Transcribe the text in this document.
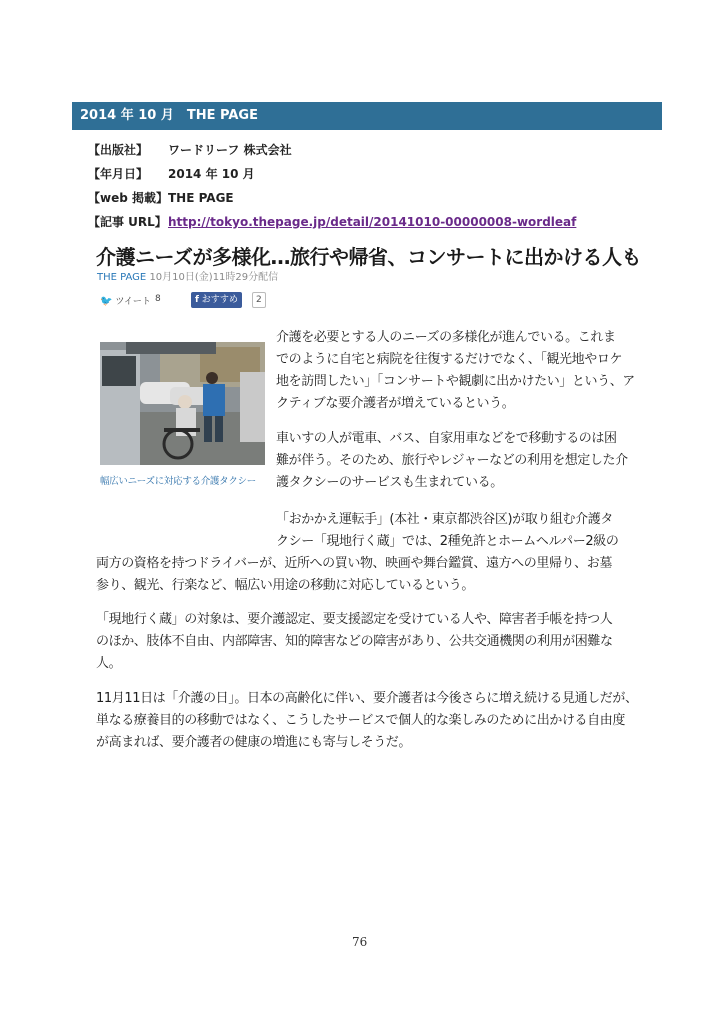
2014 年 10 月　THE PAGE
【出版社】 ワードリーフ 株式会社
【年月日】 2014 年 10 月
【web 掲載】THE PAGE
【記事 URL】http://tokyo.thepage.jp/detail/20141010-00000008-wordleaf
介護ニーズが多様化…旅行や帰省、コンサートに出かける人も
THE PAGE 10月10日(金)11時29分配信
🐦 ツイート 8	f おすすめ	2
幅広いニーズに対応する介護タクシー
介護を必要とする人のニーズの多様化が進んでいる。これま
でのように自宅と病院を往復するだけでなく、「観光地やロケ
地を訪問したい」「コンサートや観劇に出かけたい」という、ア
クティブな要介護者が増えているという。
車いすの人が電車、バス、自家用車などをで移動するのは困
難が伴う。そのため、旅行やレジャーなどの利用を想定した介
護タクシーのサービスも生まれている。
「おかかえ運転手」(本社・東京都渋谷区)が取り組む介護タ
クシー「現地行く蔵」では、2種免許とホームヘルパー2級の
両方の資格を持つドライバーが、近所への買い物、映画や舞台鑑賞、遠方への里帰り、お墓
参り、観光、行楽など、幅広い用途の移動に対応しているという。
「現地行く蔵」の対象は、要介護認定、要支援認定を受けている人や、障害者手帳を持つ人
のほか、肢体不自由、内部障害、知的障害などの障害があり、公共交通機関の利用が困難な
人。
11月11日は「介護の日」。日本の高齢化に伴い、要介護者は今後さらに増え続ける見通しだが、
単なる療養目的の移動ではなく、こうしたサービスで個人的な楽しみのために出かける自由度
が高まれば、要介護者の健康の増進にも寄与しそうだ。
76
